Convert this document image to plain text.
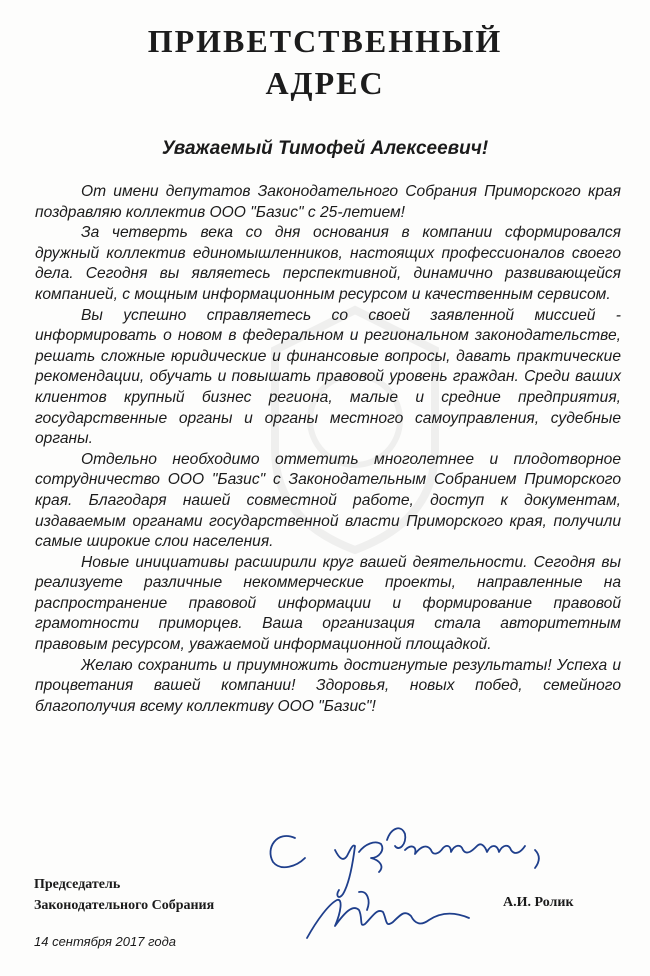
ПРИВЕТСТВЕННЫЙ
АДРЕС
Уважаемый Тимофей Алексеевич!

От имени депутатов Законодательного Собрания Приморского края поздравляю коллектив ООО "Базис" с 25-летием!

За четверть века со дня основания в компании сформировался дружный коллектив единомышленников, настоящих профессионалов своего дела. Сегодня вы являетесь перспективной, динамично развивающейся компанией, с мощным информационным ресурсом и качественным сервисом.

Вы успешно справляетесь со своей заявленной миссией - информировать о новом в федеральном и региональном законодательстве, решать сложные юридические и финансовые вопросы, давать практические рекомендации, обучать и повышать правовой уровень граждан. Среди ваших клиентов крупный бизнес региона, малые и средние предприятия, государственные органы и органы местного самоуправления, судебные органы.

Отдельно необходимо отметить многолетнее и плодотворное сотрудничество ООО "Базис" с Законодательным Собранием Приморского края. Благодаря нашей совместной работе, доступ к документам, издаваемым органами государственной власти Приморского края, получили самые широкие слои населения.

Новые инициативы расширили круг вашей деятельности. Сегодня вы реализуете различные некоммерческие проекты, направленные на распространение правовой информации и формирование правовой грамотности приморцев. Ваша организация стала авторитетным правовым ресурсом, уважаемой информационной площадкой.

Желаю сохранить и приумножить достигнутые результаты! Успеха и процветания вашей компании! Здоровья, новых побед, семейного благополучия всему коллективу ООО "Базис"!

Председатель
Законодательного Собрания	А.И. Ролик
14 сентября 2017 года
